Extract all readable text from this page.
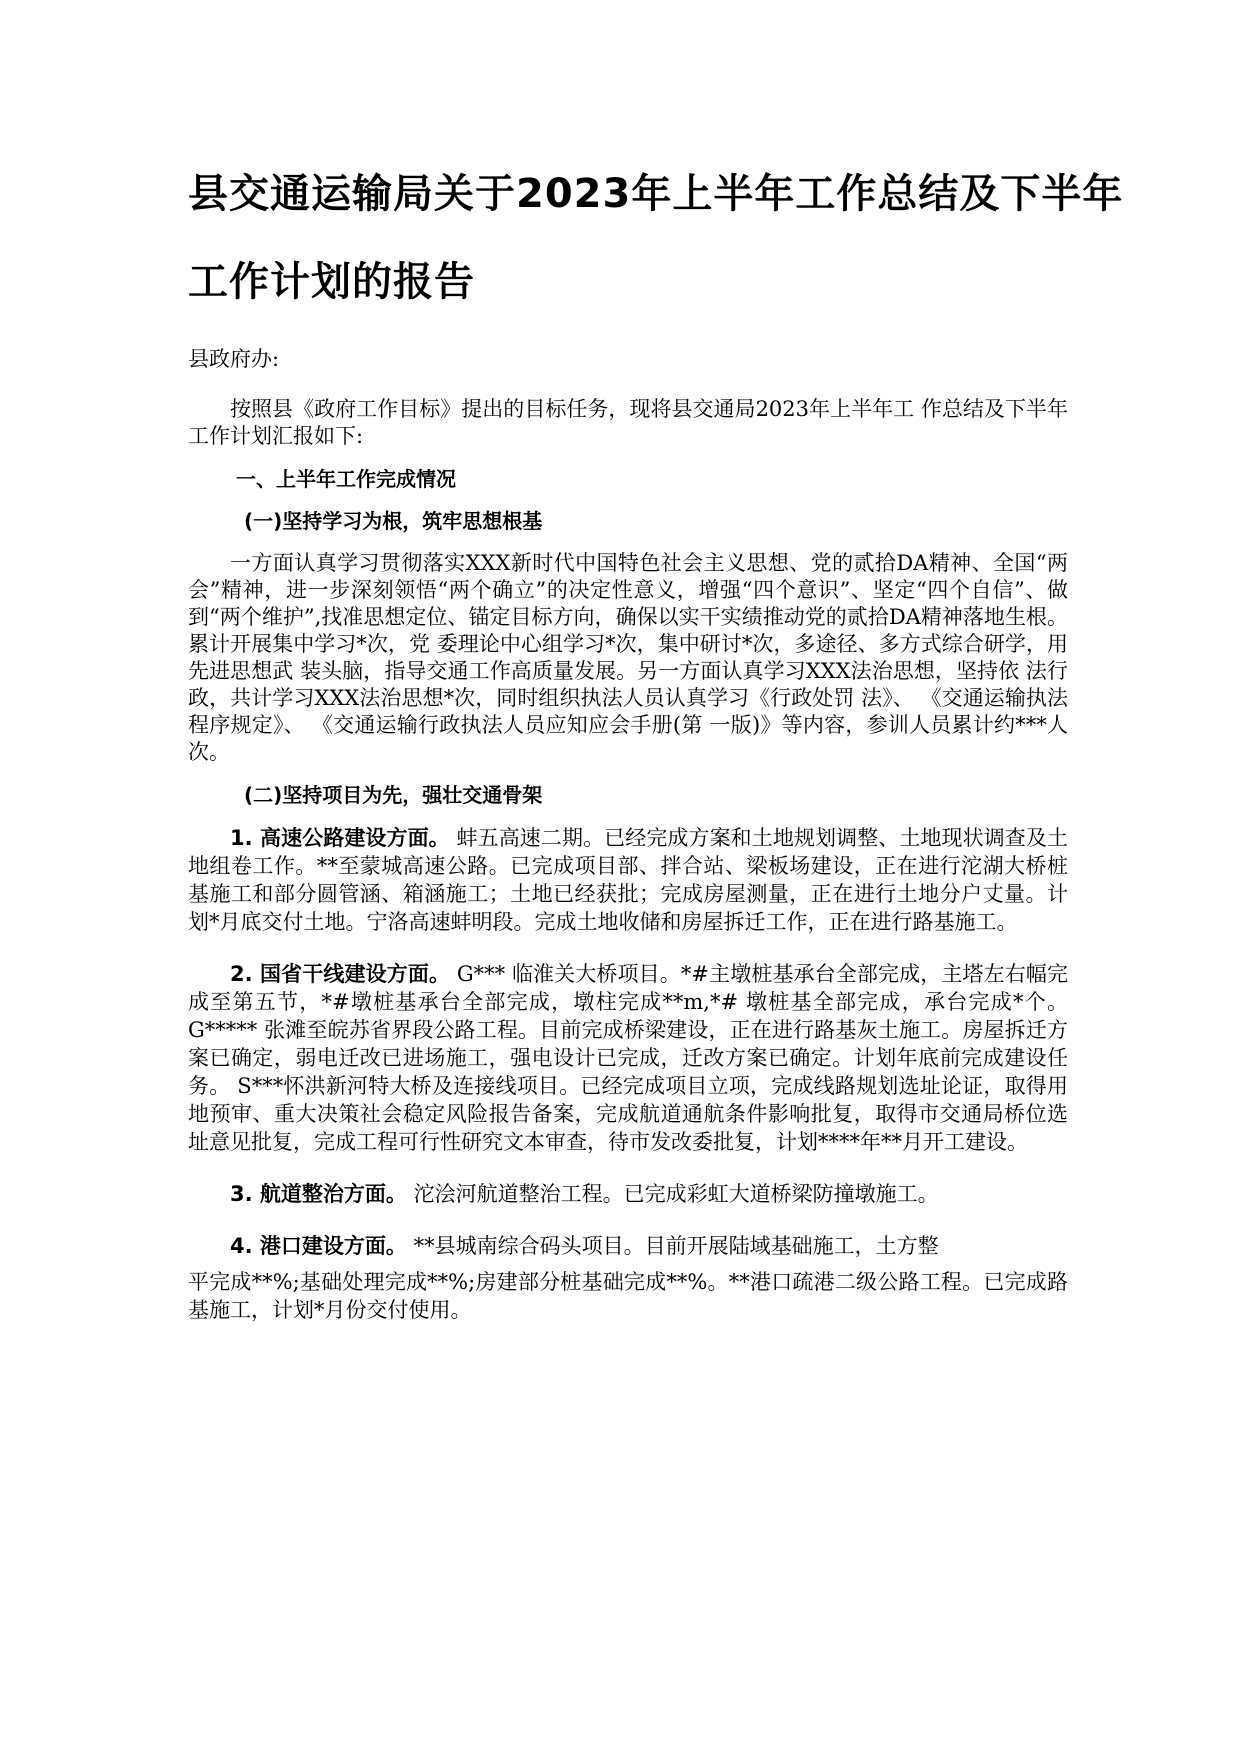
县交通运输局关于2023年上半年工作总结及下半年
工作计划的报告
县政府办:

按照县《政府工作目标》提出的目标任务，现将县交通局2023年上半年工 作总结及下半年工作计划汇报如下:

一、上半年工作完成情况
(一)坚持学习为根，筑牢思想根基

一方面认真学习贯彻落实XXX新时代中国特色社会主义思想、党的贰拾DA精神、全国“两会”精神，进一步深刻领悟“两个确立”的决定性意义，增强“四个意识”、坚定“四个自信”、做到“两个维护”,找准思想定位、锚定目标方向，确保以实干实绩推动党的贰拾DA精神落地生根。累计开展集中学习*次，党 委理论中心组学习*次，集中研讨*次，多途径、多方式综合研学，用先进思想武 装头脑，指导交通工作高质量发展。另一方面认真学习XXX法治思想，坚持依 法行政，共计学习XXX法治思想*次，同时组织执法人员认真学习《行政处罚 法》、 《交通运输执法程序规定》、 《交通运输行政执法人员应知应会手册(第 一版)》等内容，参训人员累计约***人次。

(二)坚持项目为先，强壮交通骨架

1. 高速公路建设方面。 蚌五高速二期。已经完成方案和土地规划调整、土地现状调查及土地组卷工作。**至蒙城高速公路。已完成项目部、拌合站、梁板场建设，正在进行沱湖大桥桩基施工和部分圆管涵、箱涵施工；土地已经获批；完成房屋测量，正在进行土地分户丈量。计划*月底交付土地。宁洛高速蚌明段。完成土地收储和房屋拆迁工作，正在进行路基施工。

2. 国省干线建设方面。 G*** 临淮关大桥项目。*#主墩桩基承台全部完成，主塔左右幅完成至第五节，*#墩桩基承台全部完成，墩柱完成**m,*# 墩桩基全部完成，承台完成*个。 G***** 张滩至皖苏省界段公路工程。目前完成桥梁建设，正在进行路基灰土施工。房屋拆迁方案已确定，弱电迁改已进场施工，强电设计已完成，迁改方案已确定。计划年底前完成建设任务。 S***怀洪新河特大桥及连接线项目。已经完成项目立项，完成线路规划选址论证，取得用地预审、重大决策社会稳定风险报告备案，完成航道通航条件影响批复，取得市交通局桥位选址意见批复，完成工程可行性研究文本审查，待市发改委批复，计划****年**月开工建设。

3. 航道整治方面。 沱浍河航道整治工程。已完成彩虹大道桥梁防撞墩施工。

4. 港口建设方面。 **县城南综合码头项目。目前开展陆域基础施工，土方整

平完成**%;基础处理完成**%;房建部分桩基础完成**%。**港口疏港二级公路工程。已完成路基施工，计划*月份交付使用。
